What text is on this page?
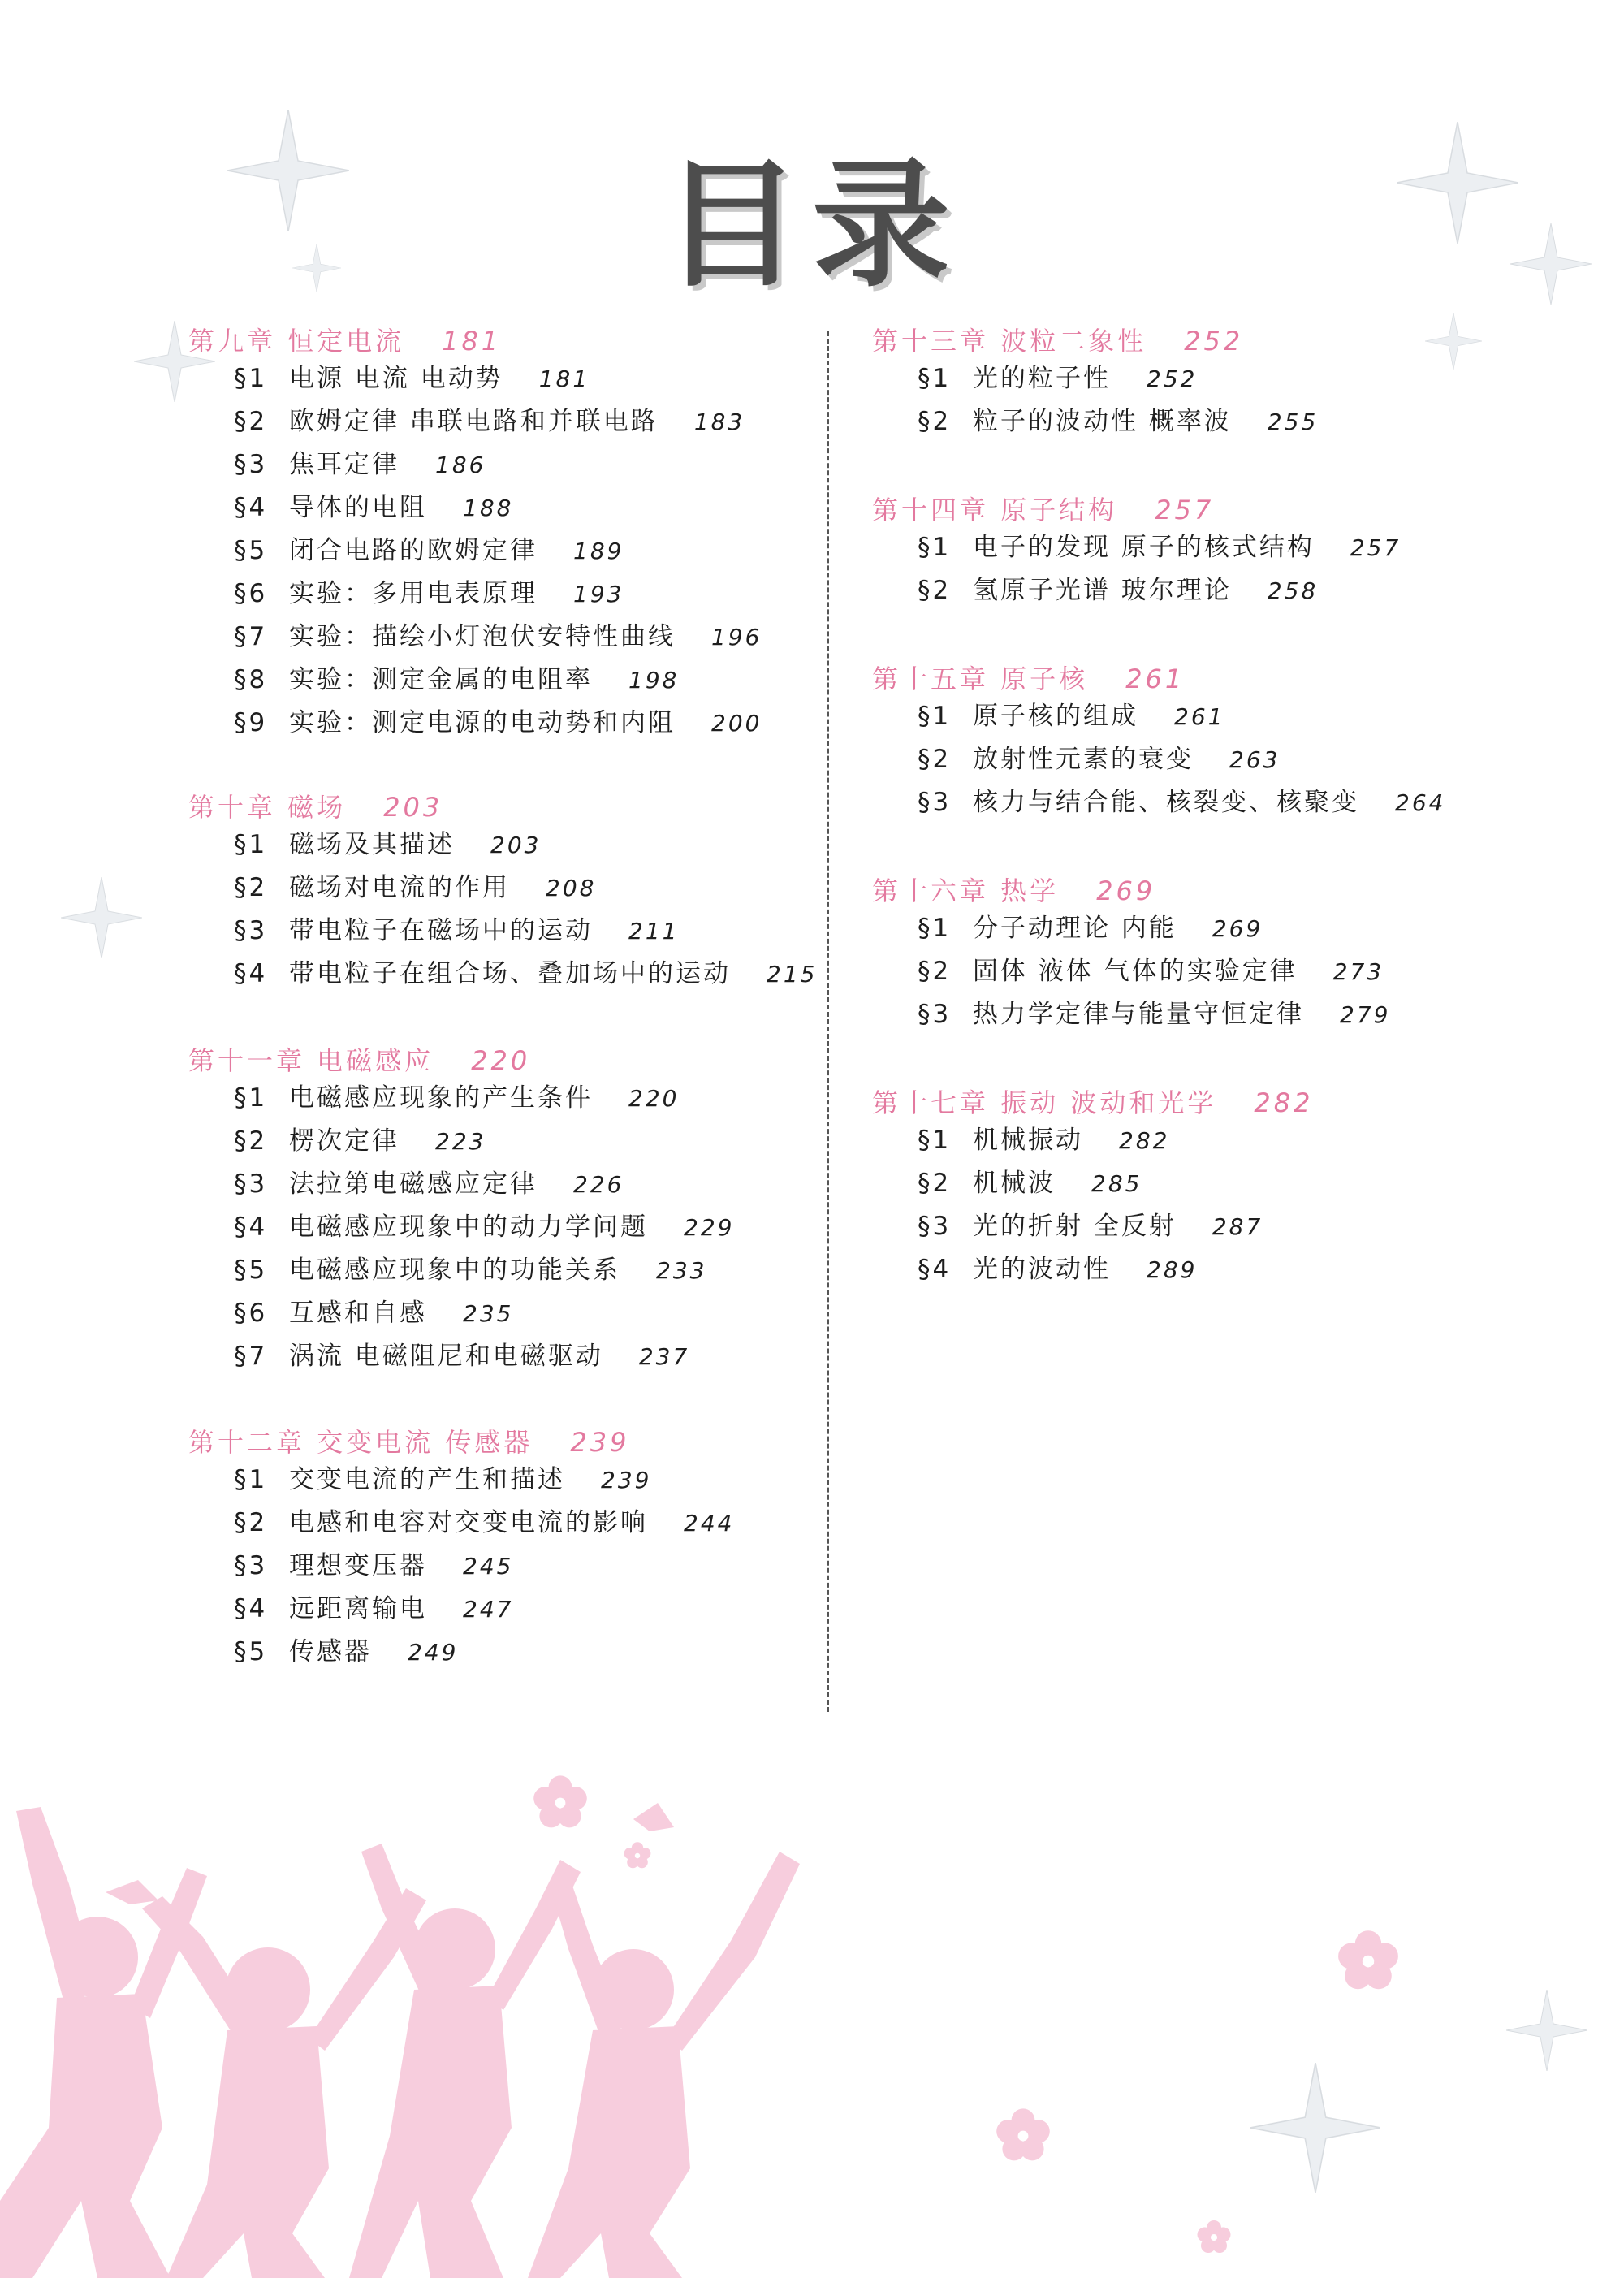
目录
第九章 恒定电流 181
§1 电源 电流 电动势 181
§2 欧姆定律 串联电路和并联电路 183
§3 焦耳定律 186
§4 导体的电阻 188
§5 闭合电路的欧姆定律 189
§6 实验：多用电表原理 193
§7 实验：描绘小灯泡伏安特性曲线 196
§8 实验：测定金属的电阻率 198
§9 实验：测定电源的电动势和内阻 200
第十章 磁场 203
§1 磁场及其描述 203
§2 磁场对电流的作用 208
§3 带电粒子在磁场中的运动 211
§4 带电粒子在组合场、叠加场中的运动 215
第十一章 电磁感应 220
§1 电磁感应现象的产生条件 220
§2 楞次定律 223
§3 法拉第电磁感应定律 226
§4 电磁感应现象中的动力学问题 229
§5 电磁感应现象中的功能关系 233
§6 互感和自感 235
§7 涡流 电磁阻尼和电磁驱动 237
第十二章 交变电流 传感器 239
§1 交变电流的产生和描述 239
§2 电感和电容对交变电流的影响 244
§3 理想变压器 245
§4 远距离输电 247
§5 传感器 249
第十三章 波粒二象性 252
§1 光的粒子性 252
§2 粒子的波动性 概率波 255
第十四章 原子结构 257
§1 电子的发现 原子的核式结构 257
§2 氢原子光谱 玻尔理论 258
第十五章 原子核 261
§1 原子核的组成 261
§2 放射性元素的衰变 263
§3 核力与结合能、核裂变、核聚变 264
第十六章 热学 269
§1 分子动理论 内能 269
§2 固体 液体 气体的实验定律 273
§3 热力学定律与能量守恒定律 279
第十七章 振动 波动和光学 282
§1 机械振动 282
§2 机械波 285
§3 光的折射 全反射 287
§4 光的波动性 289
